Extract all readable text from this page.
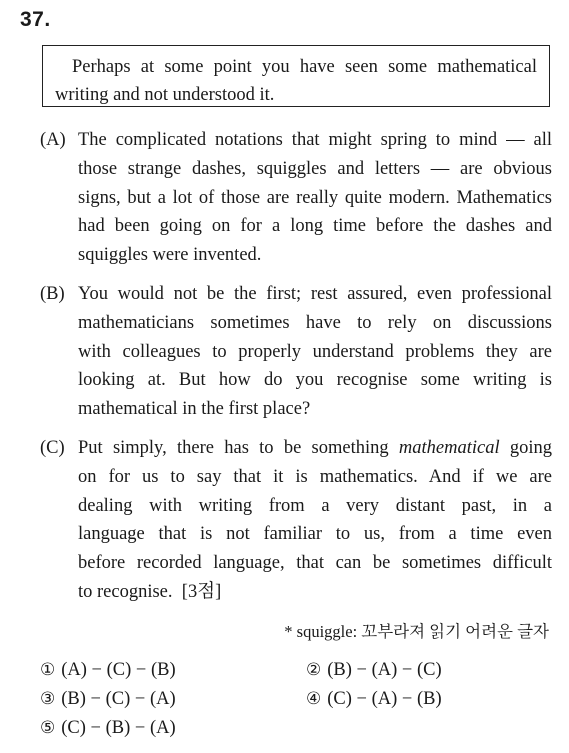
37.
Perhaps at some point you have seen some mathematical
writing and not understood it.
(A) The complicated notations that might spring to mind — all
those strange dashes, squiggles and letters — are obvious
signs, but a lot of those are really quite modern. Mathematics
had been going on for a long time before the dashes and
squiggles were invented.
(B) You would not be the first; rest assured, even professional
mathematicians sometimes have to rely on discussions
with colleagues to properly understand problems they are
looking at. But how do you recognise some writing is
mathematical in the first place?
(C) Put simply, there has to be something mathematical going
on for us to say that it is mathematics. And if we are
dealing with writing from a very distant past, in a
language that is not familiar to us, from a time even
before recorded language, that can be sometimes difficult
to recognise. [3점]
* squiggle: 꼬부라져 읽기 어려운 글자
① (A) − (C) − (B)	② (B) − (A) − (C)
③ (B) − (C) − (A)	④ (C) − (A) − (B)
⑤ (C) − (B) − (A)
